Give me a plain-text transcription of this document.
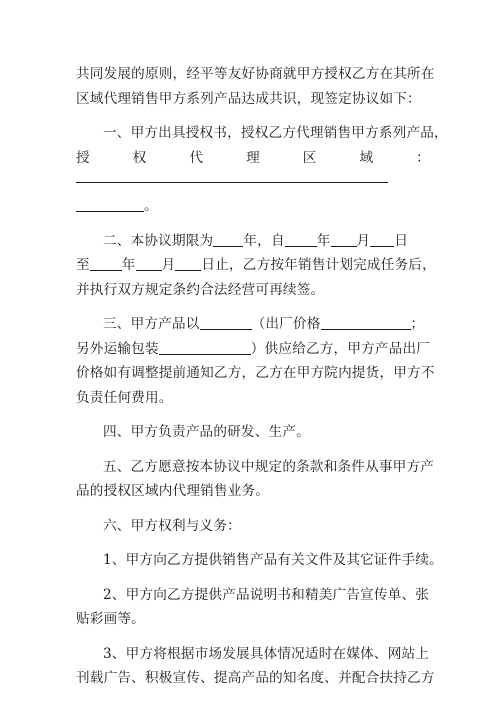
共同发展的原则，经平等友好协商就甲方授权乙方在其所在
区域代理销售甲方系列产品达成共识，现签定协议如下：
一、甲方出具授权书，授权乙方代理销售甲方系列产品，
授	权	代	理	区	域	：
。
二、本协议期限为 年，自 年 月 日
至 年 月 日止，乙方按年销售计划完成任务后，
并执行双方规定条约合法经营可再续签。
三、甲方产品以	（出厂价格	；
另外运输包装	）供应给乙方，甲方产品出厂
价格如有调整提前通知乙方，乙方在甲方院内提货，甲方不
负责任何费用。
四、甲方负责产品的研发、生产。
五、乙方愿意按本协议中规定的条款和条件从事甲方产
品的授权区域内代理销售业务。
六、甲方权利与义务：
1、甲方向乙方提供销售产品有关文件及其它证件手续。
2、甲方向乙方提供产品说明书和精美广告宣传单、张
贴彩画等。
3、甲方将根据市场发展具体情况适时在媒体、网站上
刊载广告、积极宣传、提高产品的知名度、并配合扶持乙方
